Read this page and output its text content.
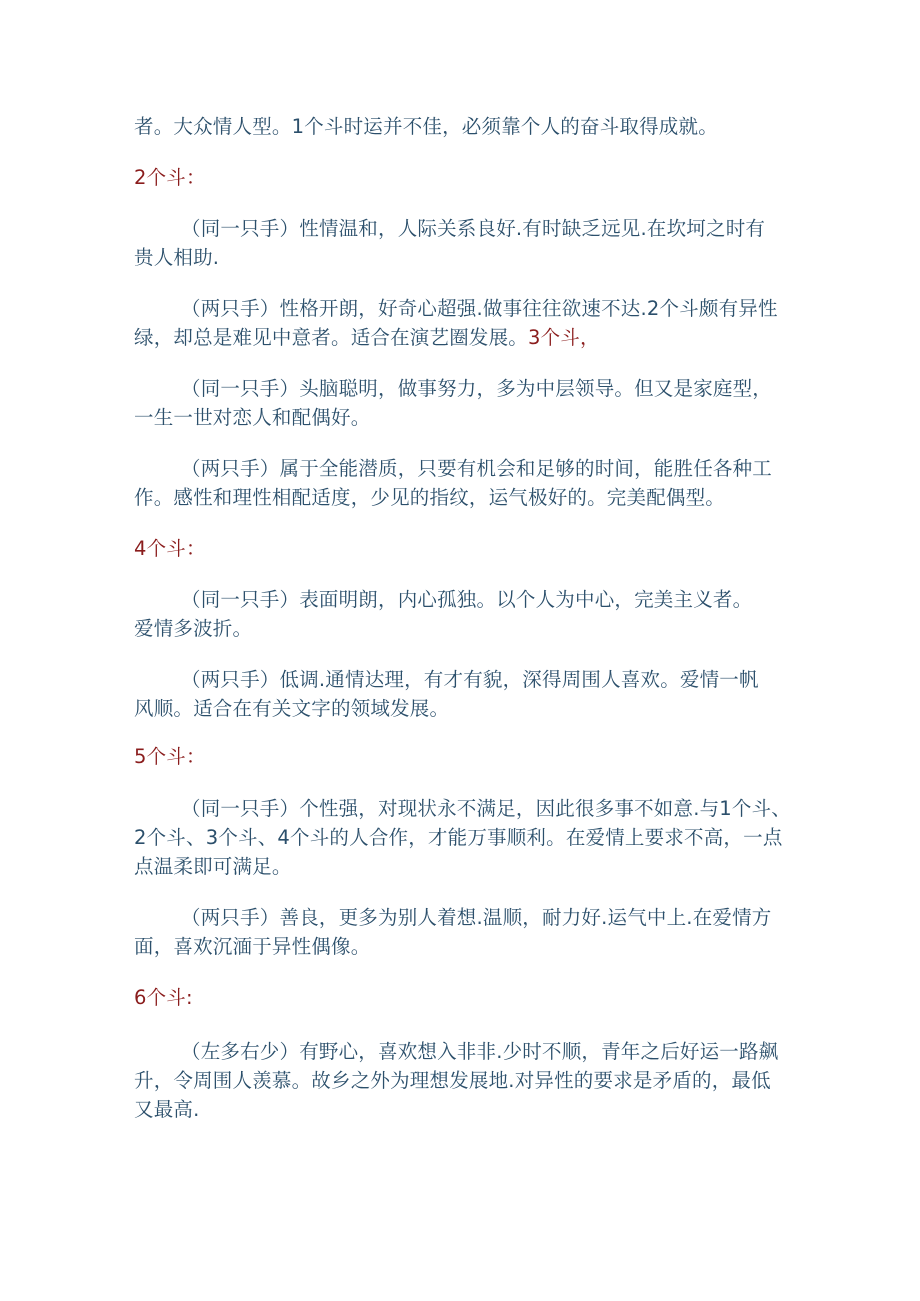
者。大众情人型。1个斗时运并不佳，必须靠个人的奋斗取得成就。
2个斗：
（同一只手）性情温和，人际关系良好.有时缺乏远见.在坎坷之时有
贵人相助.
（两只手）性格开朗，好奇心超强.做事往往欲速不达.2个斗颇有异性
绿，却总是难见中意者。适合在演艺圈发展。3个斗，
（同一只手）头脑聪明，做事努力，多为中层领导。但又是家庭型，
一生一世对恋人和配偶好。
（两只手）属于全能潜质，只要有机会和足够的时间，能胜任各种工
作。感性和理性相配适度，少见的指纹，运气极好的。完美配偶型。
4个斗：
（同一只手）表面明朗，内心孤独。以个人为中心，完美主义者。
爱情多波折。
（两只手）低调.通情达理，有才有貌，深得周围人喜欢。爱情一帆
风顺。适合在有关文字的领域发展。
5个斗：
（同一只手）个性强，对现状永不满足，因此很多事不如意.与1个斗、
2个斗、3个斗、4个斗的人合作，才能万事顺利。在爱情上要求不高，一点
点温柔即可满足。
（两只手）善良，更多为别人着想.温顺，耐力好.运气中上.在爱情方
面，喜欢沉湎于异性偶像。
6个斗:
（左多右少）有野心，喜欢想入非非.少时不顺，青年之后好运一路飙
升，令周围人羡慕。故乡之外为理想发展地.对异性的要求是矛盾的，最低
又最高.
